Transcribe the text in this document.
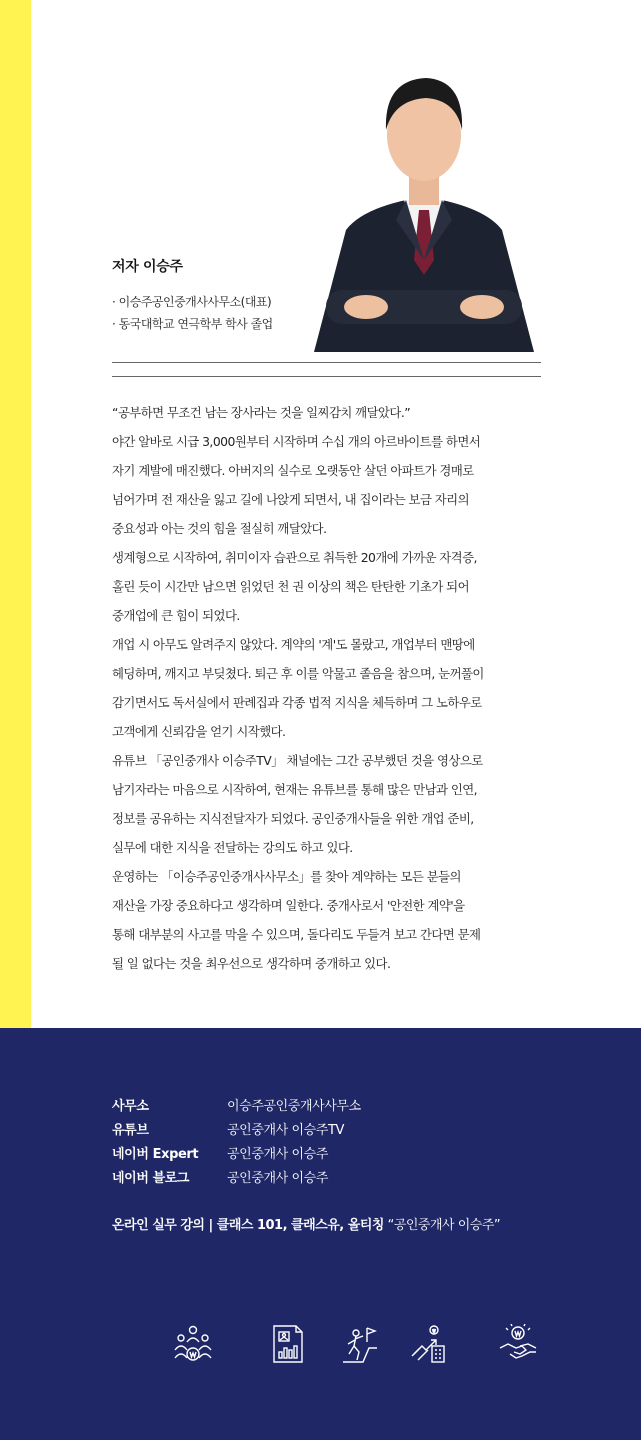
저자 이승주
· 이승주공인중개사사무소(대표)
· 동국대학교 연극학부 학사 졸업

“공부하면 무조건 남는 장사라는 것을 일찌감치 깨달았다.”

야간 알바로 시급 3,000원부터 시작하며 수십 개의 아르바이트를 하면서

자기 계발에 매진했다. 아버지의 실수로 오랫동안 살던 아파트가 경매로

넘어가며 전 재산을 잃고 길에 나앉게 되면서, 내 집이라는 보금 자리의

중요성과 아는 것의 힘을 절실히 깨달았다.

생계형으로 시작하여, 취미이자 습관으로 취득한 20개에 가까운 자격증,

홀린 듯이 시간만 남으면 읽었던 천 권 이상의 책은 탄탄한 기초가 되어

중개업에 큰 힘이 되었다.

개업 시 아무도 알려주지 않았다. 계약의 '계'도 몰랐고, 개업부터 맨땅에

헤딩하며, 깨지고 부딪쳤다. 퇴근 후 이를 악물고 졸음을 참으며, 눈꺼풀이

감기면서도 독서실에서 판례집과 각종 법적 지식을 체득하며 그 노하우로

고객에게 신뢰감을 얻기 시작했다.

유튜브 「공인중개사 이승주TV」 채널에는 그간 공부했던 것을 영상으로

남기자라는 마음으로 시작하여, 현재는 유튜브를 통해 많은 만남과 인연,

정보를 공유하는 지식전달자가 되었다. 공인중개사들을 위한 개업 준비,

실무에 대한 지식을 전달하는 강의도 하고 있다.

운영하는 「이승주공인중개사사무소」를 찾아 계약하는 모든 분들의

재산을 가장 중요하다고 생각하며 일한다. 중개사로서 '안전한 계약'을

통해 대부분의 사고를 막을 수 있으며, 돌다리도 두들겨 보고 간다면 문제

될 일 없다는 것을 최우선으로 생각하며 중개하고 있다.

사무소	이승주공인중개사사무소
유튜브	공인중개사 이승주TV
네이버 Expert	공인중개사 이승주
네이버 블로그	공인중개사 이승주
온라인 실무 강의 | 클래스 101, 클래스유, 올티칭 “공인중개사 이승주”
